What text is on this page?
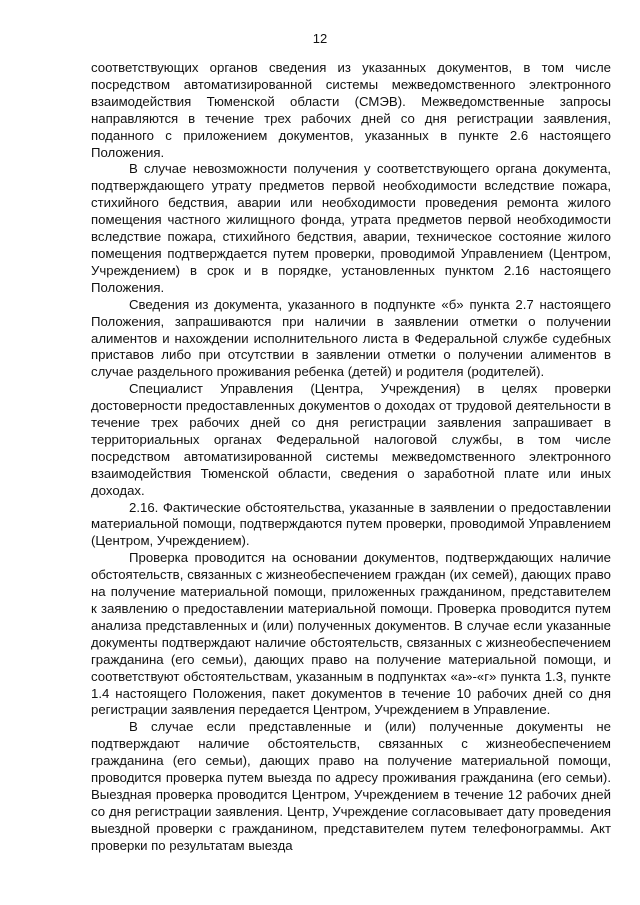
12

соответствующих органов сведения из указанных документов, в том числе посредством автоматизированной системы межведомственного электронного взаимодействия Тюменской области (СМЭВ). Межведомственные запросы направляются в течение трех рабочих дней со дня регистрации заявления, поданного с приложением документов, указанных в пункте 2.6 настоящего Положения.

В случае невозможности получения у соответствующего органа документа, подтверждающего утрату предметов первой необходимости вследствие пожара, стихийного бедствия, аварии или необходимости проведения ремонта жилого помещения частного жилищного фонда, утрата предметов первой необходимости вследствие пожара, стихийного бедствия, аварии, техническое состояние жилого помещения подтверждается путем проверки, проводимой Управлением (Центром, Учреждением) в срок и в порядке, установленных пунктом 2.16 настоящего Положения.

Сведения из документа, указанного в подпункте «б» пункта 2.7 настоящего Положения, запрашиваются при наличии в заявлении отметки о получении алиментов и нахождении исполнительного листа в Федеральной службе судебных приставов либо при отсутствии в заявлении отметки о получении алиментов в случае раздельного проживания ребенка (детей) и родителя (родителей).

Специалист Управления (Центра, Учреждения) в целях проверки достоверности предоставленных документов о доходах от трудовой деятельности в течение трех рабочих дней со дня регистрации заявления запрашивает в территориальных органах Федеральной налоговой службы, в том числе посредством автоматизированной системы межведомственного электронного взаимодействия Тюменской области, сведения о заработной плате или иных доходах.

2.16. Фактические обстоятельства, указанные в заявлении о предоставлении материальной помощи, подтверждаются путем проверки, проводимой Управлением (Центром, Учреждением).

Проверка проводится на основании документов, подтверждающих наличие обстоятельств, связанных с жизнеобеспечением граждан (их семей), дающих право на получение материальной помощи, приложенных гражданином, представителем к заявлению о предоставлении материальной помощи. Проверка проводится путем анализа представленных и (или) полученных документов. В случае если указанные документы подтверждают наличие обстоятельств, связанных с жизнеобеспечением гражданина (его семьи), дающих право на получение материальной помощи, и соответствуют обстоятельствам, указанным в подпунктах «а»-«г» пункта 1.3, пункте 1.4 настоящего Положения, пакет документов в течение 10 рабочих дней со дня регистрации заявления передается Центром, Учреждением в Управление.

В случае если представленные и (или) полученные документы не подтверждают наличие обстоятельств, связанных с жизнеобеспечением гражданина (его семьи), дающих право на получение материальной помощи, проводится проверка путем выезда по адресу проживания гражданина (его семьи). Выездная проверка проводится Центром, Учреждением в течение 12 рабочих дней со дня регистрации заявления. Центр, Учреждение согласовывает дату проведения выездной проверки с гражданином, представителем путем телефонограммы. Акт проверки по результатам выезда
